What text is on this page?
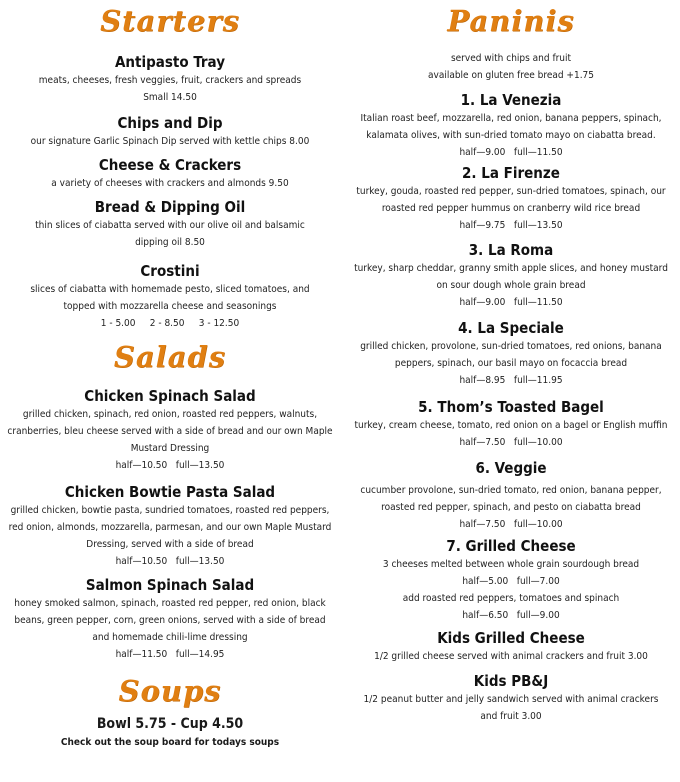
Starters

Antipasto Tray

meats, cheeses, fresh veggies, fruit, crackers and spreads

Small 14.50

Chips and Dip

our signature Garlic Spinach Dip served with kettle chips 8.00

Cheese & Crackers

a variety of cheeses with crackers and almonds 9.50

Bread & Dipping Oil

thin slices of ciabatta served with our olive oil and balsamic dipping oil 8.50

Crostini

slices of ciabatta with homemade pesto, sliced tomatoes, and topped with mozzarella cheese and seasonings

1 - 5.00     2 - 8.50     3 - 12.50

Salads

Chicken Spinach Salad

grilled chicken, spinach, red onion, roasted red peppers, walnuts, cranberries, bleu cheese served with a side of bread and our own Maple Mustard Dressing

half—10.50   full—13.50

Chicken Bowtie Pasta Salad

grilled chicken, bowtie pasta, sundried tomatoes, roasted red peppers, red onion, almonds, mozzarella, parmesan, and our own Maple Mustard Dressing, served with a side of bread

half—10.50   full—13.50

Salmon Spinach Salad

honey smoked salmon, spinach, roasted red pepper, red onion, black beans, green pepper, corn, green onions, served with a side of bread and homemade chili-lime dressing

half—11.50   full—14.95

Soups

Bowl 5.75 - Cup 4.50

Check out the soup board for todays soups

Paninis

served with chips and fruit

available on gluten free bread +1.75

1. La Venezia

Italian roast beef, mozzarella, red onion, banana peppers, spinach, kalamata olives, with sun-dried tomato mayo on ciabatta bread.

half—9.00   full—11.50

2. La Firenze

turkey, gouda, roasted red pepper, sun-dried tomatoes, spinach, our roasted red pepper hummus on cranberry wild rice bread

half—9.75   full—13.50

3. La Roma

turkey, sharp cheddar, granny smith apple slices, and honey mustard on sour dough whole grain bread

half—9.00   full—11.50

4. La Speciale

grilled chicken, provolone, sun-dried tomatoes, red onions, banana peppers, spinach, our basil mayo on focaccia bread

half—8.95   full—11.95

5. Thom’s Toasted Bagel

turkey, cream cheese, tomato, red onion on a bagel or English muffin

half—7.50   full—10.00

6. Veggie

cucumber provolone, sun-dried tomato, red onion, banana pepper, roasted red pepper, spinach, and pesto on ciabatta bread

half—7.50   full—10.00

7. Grilled Cheese

3 cheeses melted between whole grain sourdough bread

half—5.00   full—7.00

add roasted red peppers, tomatoes and spinach

half—6.50   full—9.00

Kids Grilled Cheese

1/2 grilled cheese served with animal crackers and fruit 3.00

Kids PB&J

1/2 peanut butter and jelly sandwich served with animal crackers and fruit 3.00
